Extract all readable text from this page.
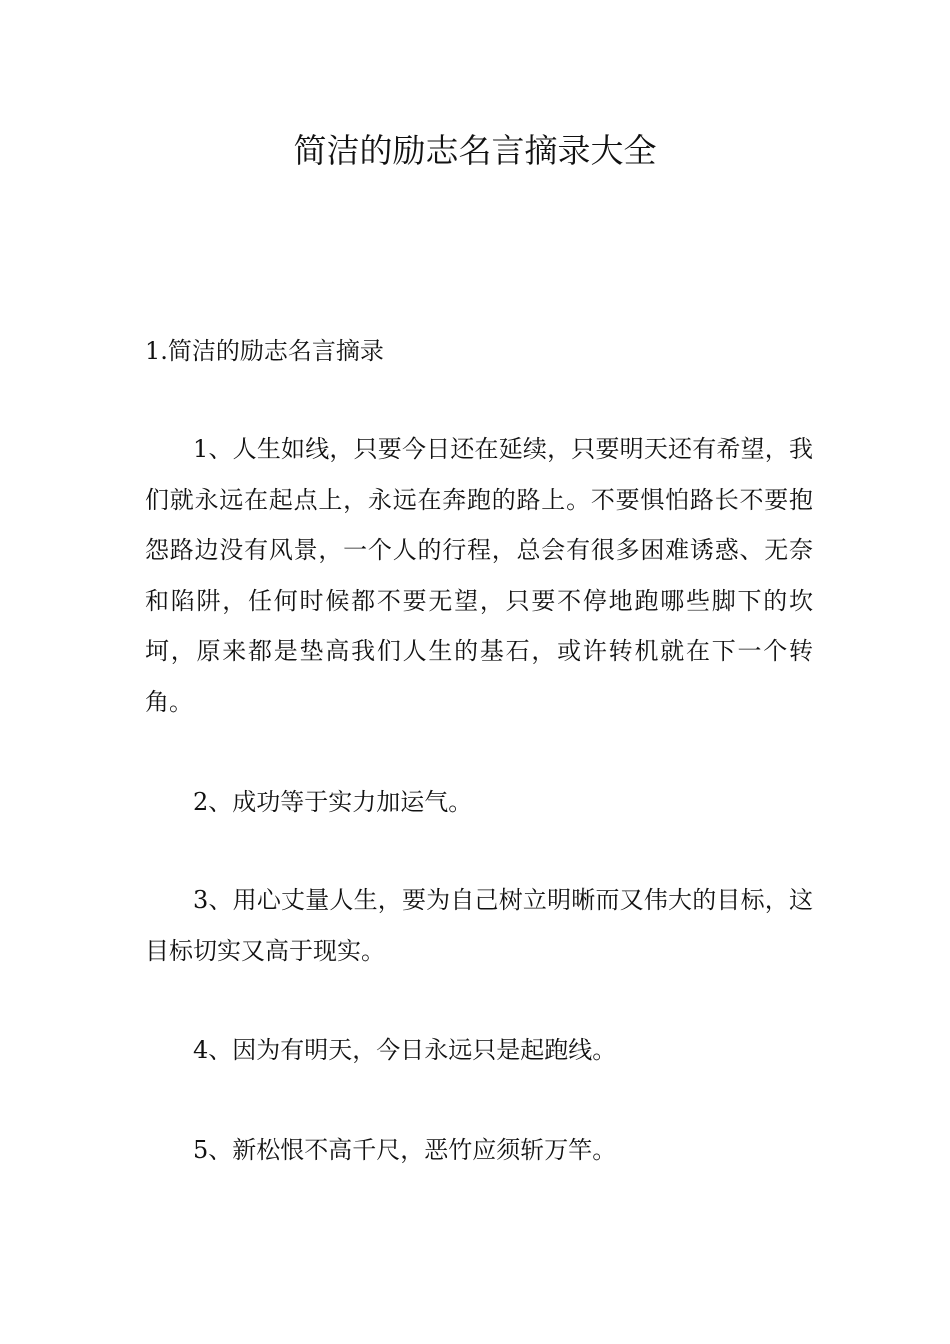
简洁的励志名言摘录大全
1.简洁的励志名言摘录

1、人生如线，只要今日还在延续，只要明天还有希望，我们就永远在起点上，永远在奔跑的路上。不要惧怕路长不要抱怨路边没有风景，一个人的行程，总会有很多困难诱惑、无奈和陷阱，任何时候都不要无望，只要不停地跑哪些脚下的坎坷，原来都是垫高我们人生的基石，或许转机就在下一个转角。

2、成功等于实力加运气。

3、用心丈量人生，要为自己树立明晰而又伟大的目标，这目标切实又高于现实。

4、因为有明天，今日永远只是起跑线。

5、新松恨不高千尺，恶竹应须斩万竿。
